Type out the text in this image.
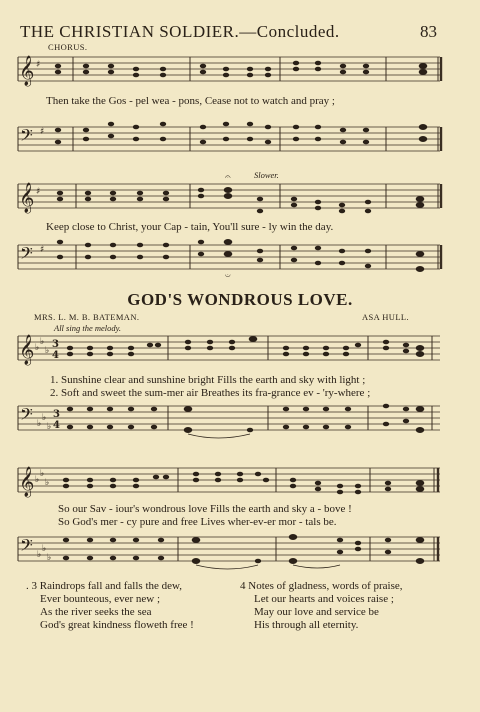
THE CHRISTIAN SOLDIER.—Concluded.	83
CHORUS.
𝄞 ♯
Then take the Gos - pel wea - pons, Cease not to watch and pray ;
𝄢 ♯
Slower.
𝄞 ♯
𝄐
Keep close to Christ, your Cap - tain, You'll sure - ly win the day.
𝄢 ♯
𝄑
GOD'S WONDROUS LOVE.
MRS. L. M. B. BATEMAN.	ASA HULL.
All sing the melody.
𝄞 ♭
♭
♭
3
4
1. Sunshine clear and sunshine bright Fills the earth and sky with light ;
2. Soft and sweet the sum-mer air Breathes its fra-grance ev - 'ry-where ;
𝄢 ♭
♭
♭
3
4
𝄞 ♭
♭
♭
So our Sav - iour's wondrous love Fills the earth and sky a - bove !
So God's mer - cy pure and free Lives wher-ev-er mor - tals be.
𝄢 ♭
♭
♭
. 3 Raindrops fall and falls the dew,
Ever bounteous, ever new ;
As the river seeks the sea
God's great kindness floweth free !
4 Notes of gladness, words of praise,
Let our hearts and voices raise ;
May our love and service be
His through all eternity.
